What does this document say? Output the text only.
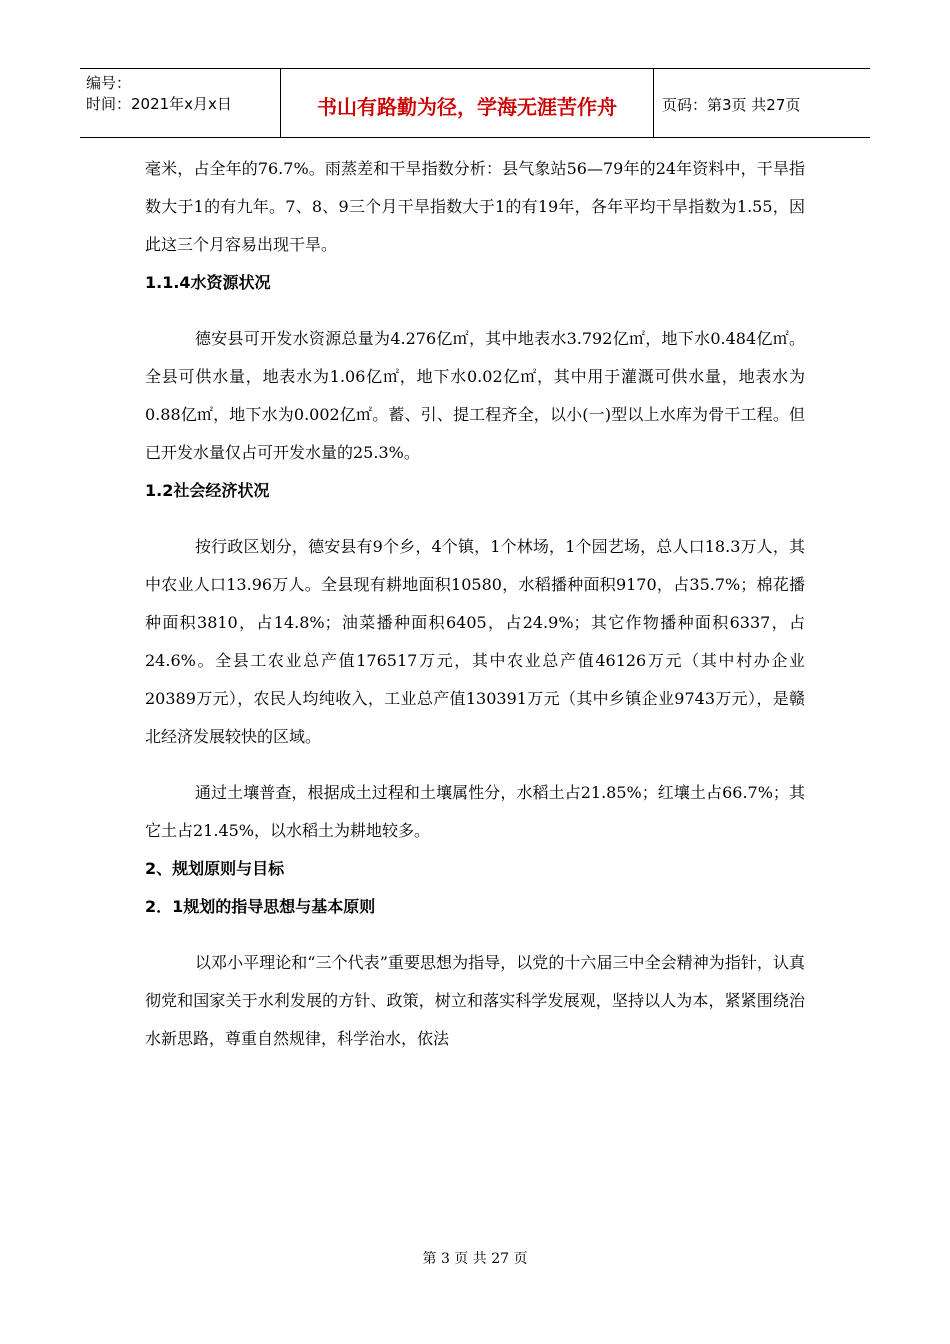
编号：
时间：2021年x月x日	书山有路勤为径，学海无涯苦作舟	页码：第3页 共27页

毫米，占全年的76.7%。雨蒸差和干旱指数分析：县气象站56—79年的24年资料中，干旱指数大于1的有九年。7、8、9三个月干旱指数大于1的有19年，各年平均干旱指数为1.55，因此这三个月容易出现干旱。

1.1.4水资源状况

德安县可开发水资源总量为4.276亿㎡，其中地表水3.792亿㎡，地下水0.484亿㎡。全县可供水量，地表水为1.06亿㎡，地下水0.02亿㎡，其中用于灌溉可供水量，地表水为0.88亿㎡，地下水为0.002亿㎡。蓄、引、提工程齐全，以小(一)型以上水库为骨干工程。但已开发水量仅占可开发水量的25.3%。

1.2社会经济状况

按行政区划分，德安县有9个乡，4个镇，1个林场，1个园艺场，总人口18.3万人，其中农业人口13.96万人。全县现有耕地面积10580，水稻播种面积9170，占35.7%；棉花播种面积3810，占14.8%；油菜播种面积6405，占24.9%；其它作物播种面积6337，占24.6%。全县工农业总产值176517万元，其中农业总产值46126万元（其中村办企业20389万元），农民人均纯收入，工业总产值130391万元（其中乡镇企业9743万元），是赣北经济发展较快的区域。

通过土壤普查，根据成土过程和土壤属性分，水稻土占21.85%；红壤土占66.7%；其它土占21.45%，以水稻土为耕地较多。

2、规划原则与目标

2．1规划的指导思想与基本原则

以邓小平理论和“三个代表”重要思想为指导，以党的十六届三中全会精神为指针，认真彻党和国家关于水利发展的方针、政策，树立和落实科学发展观，坚持以人为本，紧紧围绕治水新思路，尊重自然规律，科学治水，依法

第 3 页 共 27 页
